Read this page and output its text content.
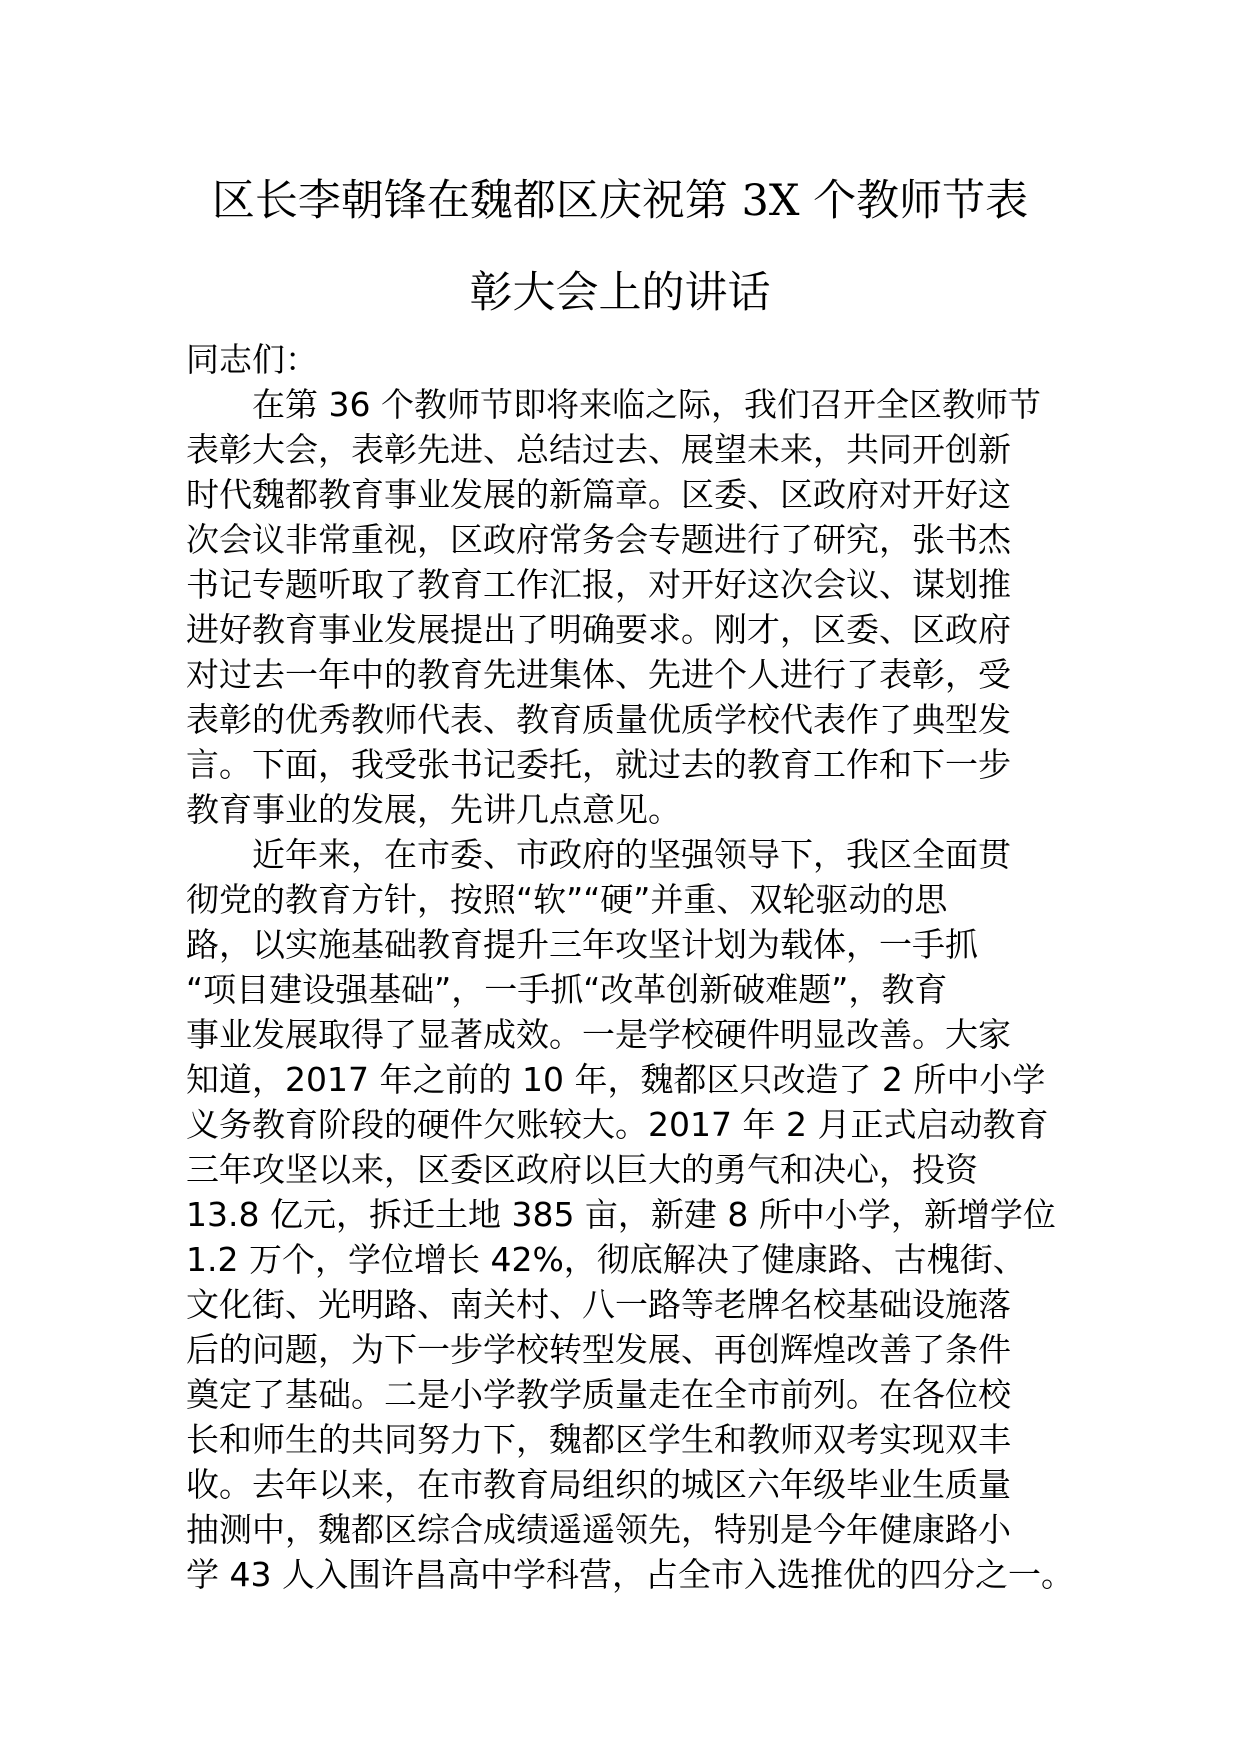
区长李朝锋在魏都区庆祝第 3X 个教师节表
彰大会上的讲话
同志们：
在第 36 个教师节即将来临之际，我们召开全区教师节
表彰大会，表彰先进、总结过去、展望未来，共同开创新
时代魏都教育事业发展的新篇章。区委、区政府对开好这
次会议非常重视，区政府常务会专题进行了研究，张书杰
书记专题听取了教育工作汇报，对开好这次会议、谋划推
进好教育事业发展提出了明确要求。刚才，区委、区政府
对过去一年中的教育先进集体、先进个人进行了表彰，受
表彰的优秀教师代表、教育质量优质学校代表作了典型发
言。下面，我受张书记委托，就过去的教育工作和下一步
教育事业的发展，先讲几点意见。
近年来，在市委、市政府的坚强领导下，我区全面贯
彻党的教育方针，按照“软”“硬”并重、双轮驱动的思
路，以实施基础教育提升三年攻坚计划为载体，一手抓
“项目建设强基础”，一手抓“改革创新破难题”，教育
事业发展取得了显著成效。一是学校硬件明显改善。大家
知道，2017 年之前的 10 年，魏都区只改造了 2 所中小学
义务教育阶段的硬件欠账较大。2017 年 2 月正式启动教育
三年攻坚以来，区委区政府以巨大的勇气和决心，投资
13.8 亿元，拆迁土地 385 亩，新建 8 所中小学，新增学位
1.2 万个，学位增长 42%，彻底解决了健康路、古槐街、
文化街、光明路、南关村、八一路等老牌名校基础设施落
后的问题，为下一步学校转型发展、再创辉煌改善了条件
奠定了基础。二是小学教学质量走在全市前列。在各位校
长和师生的共同努力下，魏都区学生和教师双考实现双丰
收。去年以来，在市教育局组织的城区六年级毕业生质量
抽测中，魏都区综合成绩遥遥领先，特别是今年健康路小
学 43 人入围许昌高中学科营，占全市入选推优的四分之一。
